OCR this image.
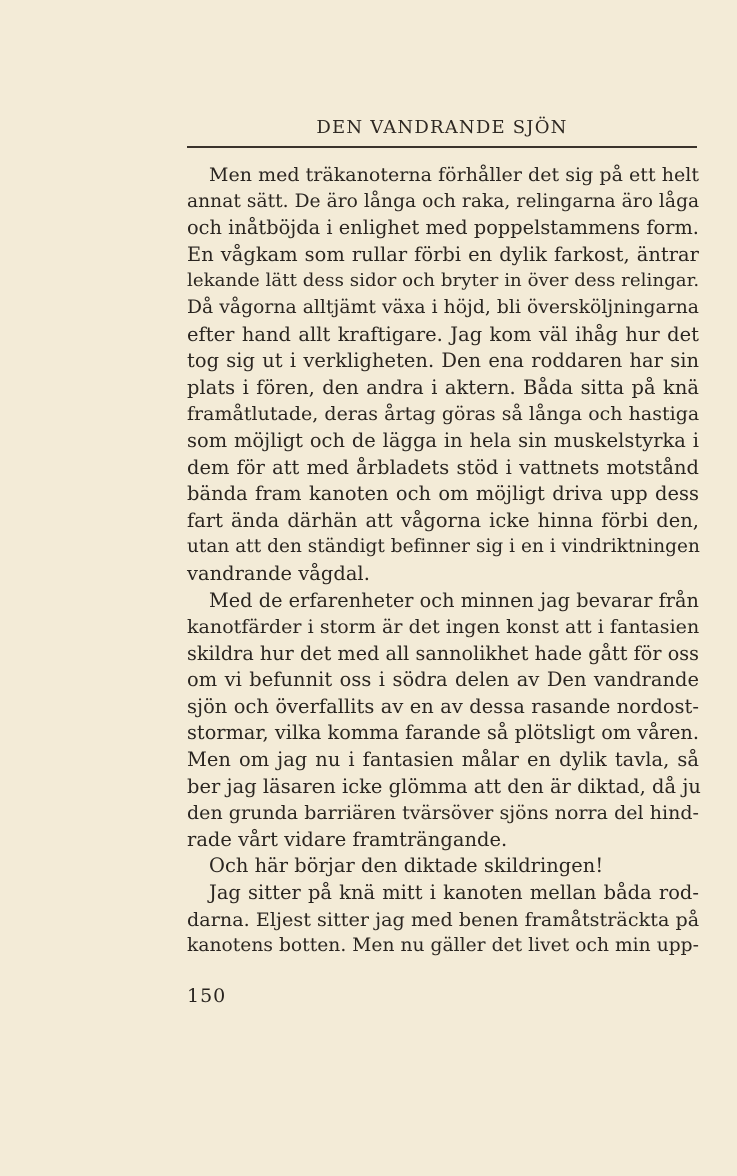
DEN VANDRANDE SJÖN
Men med träkanoterna förhåller det sig på ett helt
annat sätt. De äro långa och raka, relingarna äro låga
och inåtböjda i enlighet med poppelstammens form.
En vågkam som rullar förbi en dylik farkost, äntrar
lekande lätt dess sidor och bryter in över dess relingar.
Då vågorna alltjämt växa i höjd, bli översköljningarna
efter hand allt kraftigare. Jag kom väl ihåg hur det
tog sig ut i verkligheten. Den ena roddaren har sin
plats i fören, den andra i aktern. Båda sitta på knä
framåtlutade, deras årtag göras så långa och hastiga
som möjligt och de lägga in hela sin muskelstyrka i
dem för att med årbladets stöd i vattnets motstånd
bända fram kanoten och om möjligt driva upp dess
fart ända därhän att vågorna icke hinna förbi den,
utan att den ständigt befinner sig i en i vindriktningen
vandrande vågdal.
Med de erfarenheter och minnen jag bevarar från
kanotfärder i storm är det ingen konst att i fantasien
skildra hur det med all sannolikhet hade gått för oss
om vi befunnit oss i södra delen av Den vandrande
sjön och överfallits av en av dessa rasande nordost-
stormar, vilka komma farande så plötsligt om våren.
Men om jag nu i fantasien målar en dylik tavla, så
ber jag läsaren icke glömma att den är diktad, då ju
den grunda barriären tvärsöver sjöns norra del hind-
rade vårt vidare framträngande.
Och här börjar den diktade skildringen!
Jag sitter på knä mitt i kanoten mellan båda rod-
darna. Eljest sitter jag med benen framåtsträckta på
kanotens botten. Men nu gäller det livet och min upp-
150
